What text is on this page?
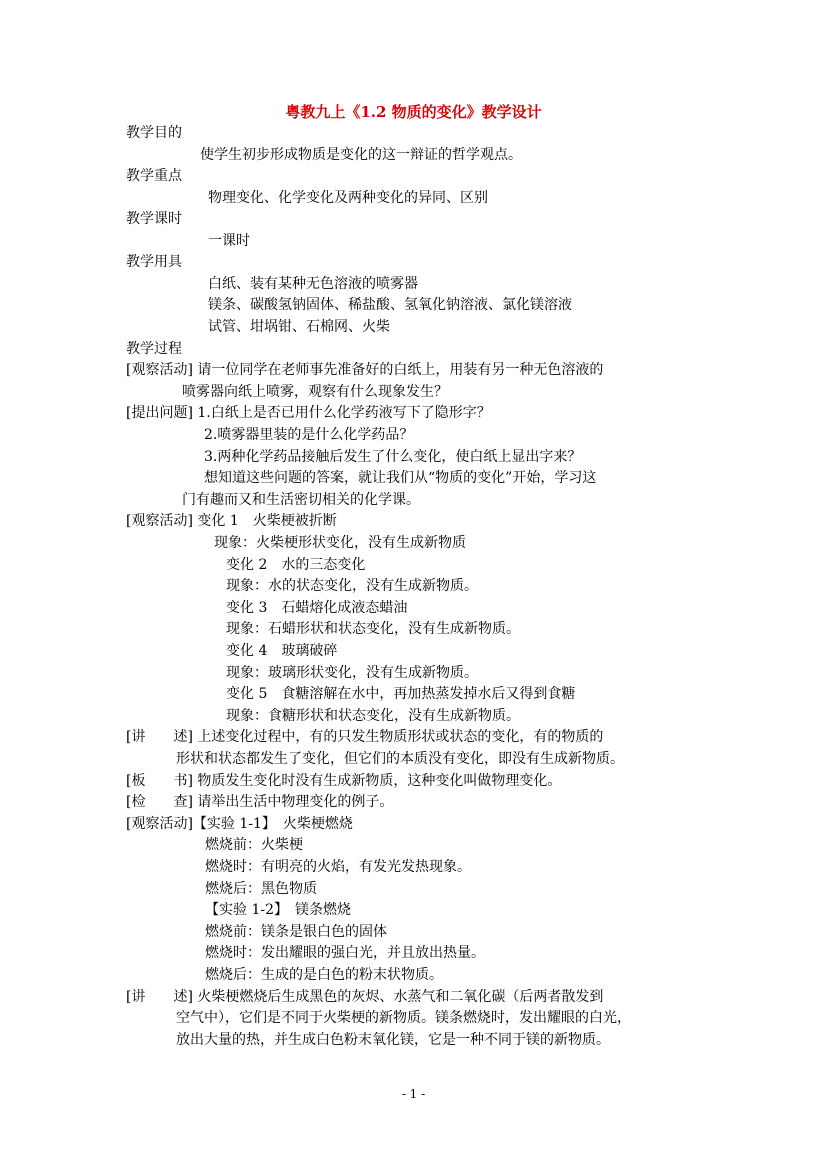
粤教九上《1.2 物质的变化》教学设计
教学目的
使学生初步形成物质是变化的这一辩证的哲学观点。
教学重点
物理变化、化学变化及两种变化的异同、区别
教学课时
一课时
教学用具
白纸、装有某种无色溶液的喷雾器
镁条、碳酸氢钠固体、稀盐酸、氢氧化钠溶液、氯化镁溶液
试管、坩埚钳、石棉网、火柴
教学过程
[观察活动] 请一位同学在老师事先准备好的白纸上，用装有另一种无色溶液的
喷雾器向纸上喷雾，观察有什么现象发生？
[提出问题] 1.白纸上是否已用什么化学药液写下了隐形字？
2.喷雾器里装的是什么化学药品？
3.两种化学药品接触后发生了什么变化，使白纸上显出字来？
想知道这些问题的答案，就让我们从“物质的变化”开始，学习这
门有趣而又和生活密切相关的化学课。
[观察活动] 变化 1　火柴梗被折断
现象：火柴梗形状变化，没有生成新物质
变化 2　水的三态变化
现象：水的状态变化，没有生成新物质。
变化 3　石蜡熔化成液态蜡油
现象：石蜡形状和状态变化，没有生成新物质。
变化 4　玻璃破碎
现象：玻璃形状变化，没有生成新物质。
变化 5　食糖溶解在水中，再加热蒸发掉水后又得到食糖
现象：食糖形状和状态变化，没有生成新物质。
[讲　　述] 上述变化过程中，有的只发生物质形状或状态的变化，有的物质的
形状和状态都发生了变化，但它们的本质没有变化，即没有生成新物质。
[板　　书] 物质发生变化时没有生成新物质，这种变化叫做物理变化。
[检　　查] 请举出生活中物理变化的例子。
[观察活动]【实验 1-1】　火柴梗燃烧
燃烧前：火柴梗
燃烧时：有明亮的火焰，有发光发热现象。
燃烧后：黑色物质
【实验 1-2】　镁条燃烧
燃烧前：镁条是银白色的固体
燃烧时：发出耀眼的强白光，并且放出热量。
燃烧后：生成的是白色的粉末状物质。
[讲　　述] 火柴梗燃烧后生成黑色的灰烬、水蒸气和二氧化碳（后两者散发到
空气中），它们是不同于火柴梗的新物质。镁条燃烧时，发出耀眼的白光，
放出大量的热，并生成白色粉末氧化镁，它是一种不同于镁的新物质。
- 1 -
